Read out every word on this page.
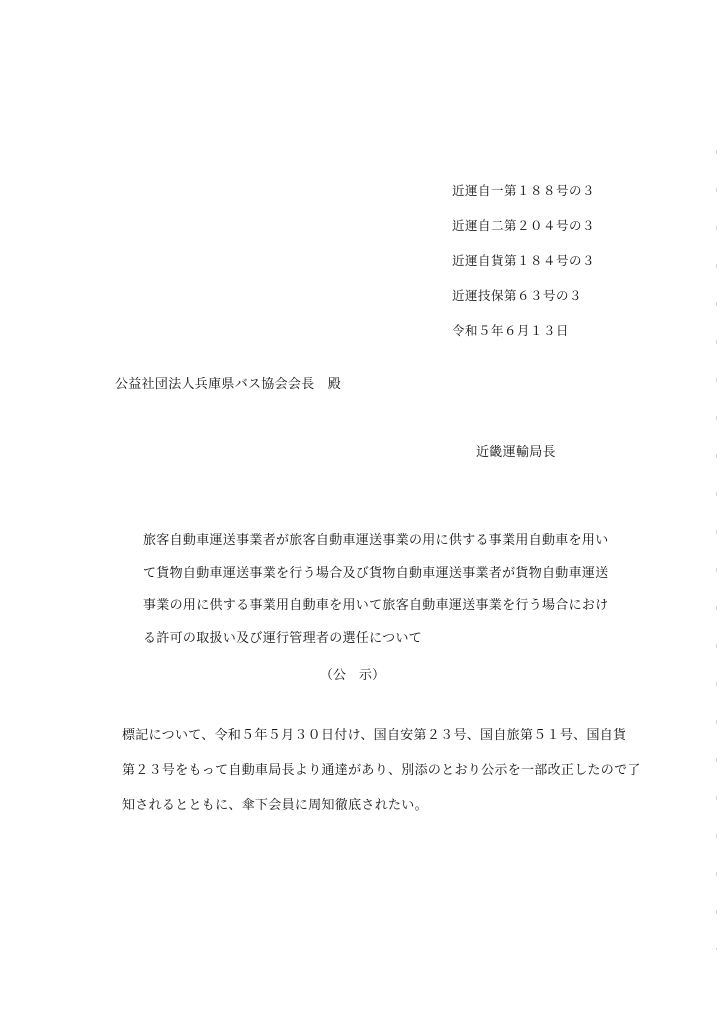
近運自一第１８８号の３
近運自二第２０４号の３
近運自貨第１８４号の３
近運技保第６３号の３
令和５年６月１３日
公益社団法人兵庫県バス協会会長　殿
近畿運輸局長
旅客自動車運送事業者が旅客自動車運送事業の用に供する事業用自動車を用い
て貨物自動車運送事業を行う場合及び貨物自動車運送事業者が貨物自動車運送
事業の用に供する事業用自動車を用いて旅客自動車運送事業を行う場合におけ
る許可の取扱い及び運行管理者の選任について
（公　示）
標記について、令和５年５月３０日付け、国自安第２３号、国自旅第５１号、国自貨
第２３号をもって自動車局長より通達があり、別添のとおり公示を一部改正したので了
知されるとともに、傘下会員に周知徹底されたい。
